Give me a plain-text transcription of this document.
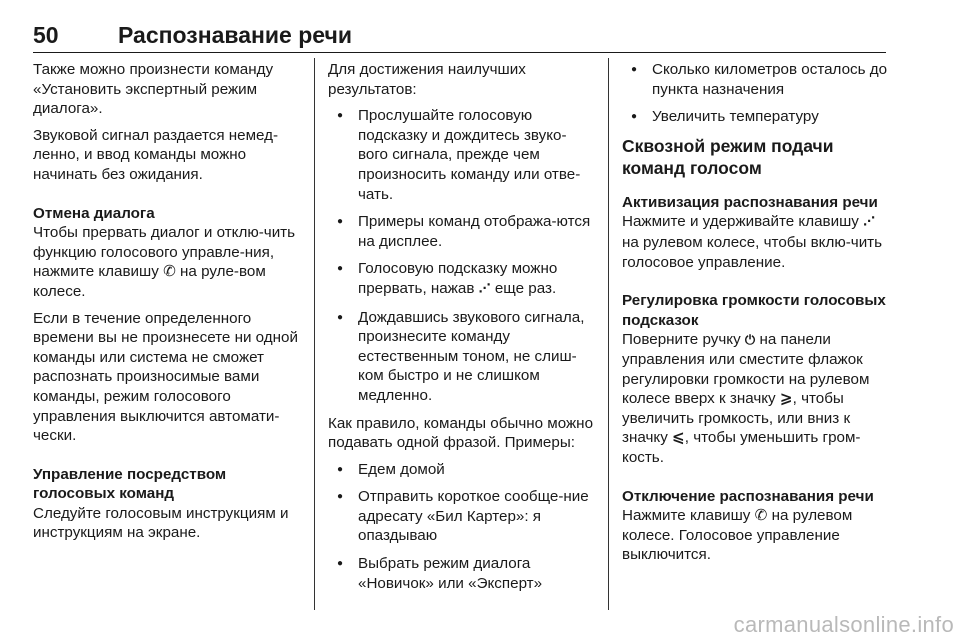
50	Распознавание речи

Также можно произнести команду «Установить экспертный режим диалога».

Звуковой сигнал раздается немед-ленно, и ввод команды можно начинать без ожидания.

Отмена диалога

Чтобы прервать диалог и отклю-чить функцию голосового управле-ния, нажмите клавишу ✆ на руле-вом колесе.

Если в течение определенного времени вы не произнесете ни одной команды или система не сможет распознать произносимые вами команды, режим голосового управления выключится автомати-чески.

Управление посредством голосовых команд

Следуйте голосовым инструкциям и инструкциям на экране.

Для достижения наилучших результатов:

● Прослушайте голосовую подсказку и дождитесь звуко-вого сигнала, прежде чем произносить команду или отве-чать.
● Примеры команд отобража-ются на дисплее.
● Голосовую подсказку можно прервать, нажав ⋰ еще раз.
● Дождавшись звукового сигнала, произнесите команду естественным тоном, не слиш-ком быстро и не слишком медленно.

Как правило, команды обычно можно подавать одной фразой. Примеры:

● Едем домой
● Отправить короткое сообще-ние адресату «Бил Картер»: я опаздываю
● Выбрать режим диалога «Новичок» или «Эксперт»
● Сколько километров осталось до пункта назначения
● Увеличить температуру

Сквозной режим подачи команд голосом

Активизация распознавания речи

Нажмите и удерживайте клавишу ⋰ на рулевом колесе, чтобы вклю-чить голосовое управление.

Регулировка громкости голосовых подсказок

Поверните ручку ⏻ на панели управления или сместите флажок регулировки громкости на рулевом колесе вверх к значку ⩾, чтобы увеличить громкость, или вниз к значку ⩽, чтобы уменьшить гром-кость.

Отключение распознавания речи

Нажмите клавишу ✆ на рулевом колесе. Голосовое управление выключится.

carmanualsonline.info
